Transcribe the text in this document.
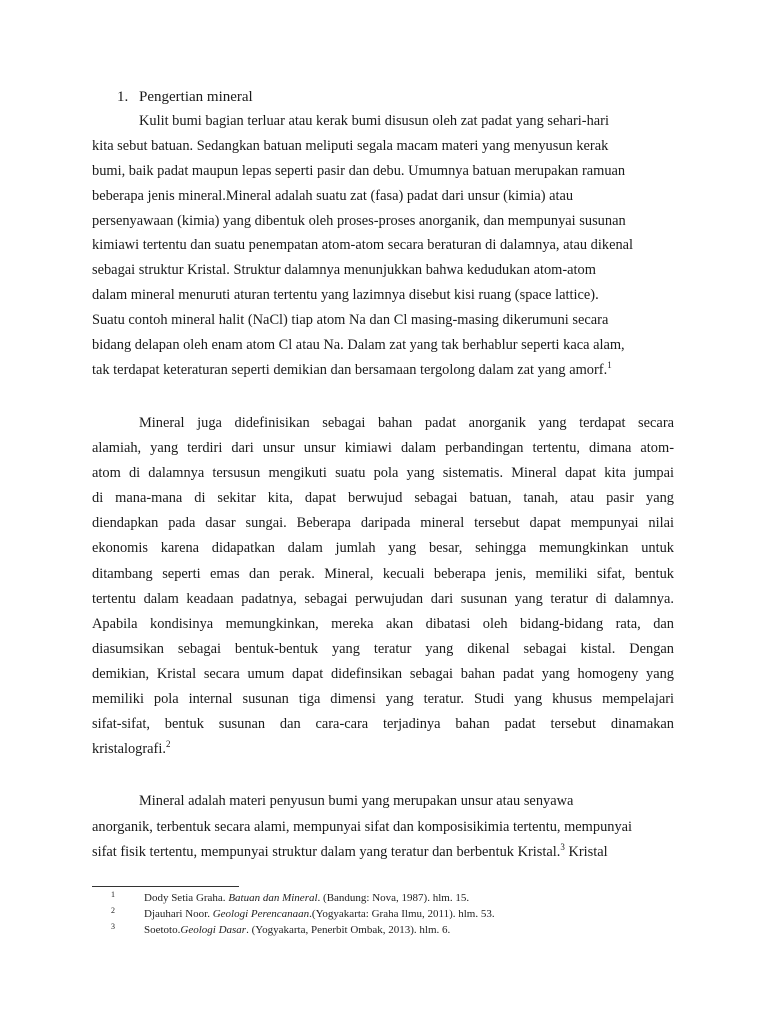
1. Pengertian mineral
Kulit bumi bagian terluar atau kerak bumi disusun oleh zat padat yang sehari-hari
kita sebut batuan. Sedangkan batuan meliputi segala macam materi yang menyusun kerak
bumi, baik padat maupun lepas seperti pasir dan debu. Umumnya batuan merupakan ramuan
beberapa jenis mineral.Mineral adalah suatu zat (fasa) padat dari unsur (kimia) atau
persenyawaan (kimia) yang dibentuk oleh proses-proses anorganik, dan mempunyai susunan
kimiawi tertentu dan suatu penempatan atom-atom secara beraturan di dalamnya, atau dikenal
sebagai struktur Kristal. Struktur dalamnya menunjukkan bahwa kedudukan atom-atom
dalam mineral menuruti aturan tertentu yang lazimnya disebut kisi ruang (space lattice).
Suatu contoh mineral halit (NaCl) tiap atom Na dan Cl masing-masing dikerumuni secara
bidang delapan oleh enam atom Cl atau Na. Dalam zat yang tak berhablur seperti kaca alam,
tak terdapat keteraturan seperti demikian dan bersamaan tergolong dalam zat yang amorf.$^1$
Mineral juga didefinisikan sebagai bahan padat anorganik yang terdapat secara
alamiah, yang terdiri dari unsur unsur kimiawi dalam perbandingan tertentu, dimana atom-
atom di dalamnya tersusun mengikuti suatu pola yang sistematis. Mineral dapat kita jumpai
di mana-mana di sekitar kita, dapat berwujud sebagai batuan, tanah, atau pasir yang
diendapkan pada dasar sungai. Beberapa daripada mineral tersebut dapat mempunyai nilai
ekonomis karena didapatkan dalam jumlah yang besar, sehingga memungkinkan untuk
ditambang seperti emas dan perak. Mineral, kecuali beberapa jenis, memiliki sifat, bentuk
tertentu dalam keadaan padatnya, sebagai perwujudan dari susunan yang teratur di dalamnya.
Apabila kondisinya memungkinkan, mereka akan dibatasi oleh bidang-bidang rata, dan
diasumsikan sebagai bentuk-bentuk yang teratur yang dikenal sebagai kistal. Dengan
demikian, Kristal secara umum dapat didefinsikan sebagai bahan padat yang homogeny yang
memiliki pola internal susunan tiga dimensi yang teratur. Studi yang khusus mempelajari
sifat-sifat, bentuk susunan dan cara-cara terjadinya bahan padat tersebut dinamakan
kristalografi.$^2$
Mineral adalah materi penyusun bumi yang merupakan unsur atau senyawa
anorganik, terbentuk secara alami, mempunyai sifat dan komposisikimia tertentu, mempunyai
sifat fisik tertentu, mempunyai struktur dalam yang teratur dan berbentuk Kristal.$^3$ Kristal
1	Dody Setia Graha. Batuan dan Mineral. (Bandung: Nova, 1987). hlm. 15.
2	Djauhari Noor. Geologi Perencanaan.(Yogyakarta: Graha Ilmu, 2011). hlm. 53.
3	Soetoto.Geologi Dasar. (Yogyakarta, Penerbit Ombak, 2013). hlm. 6.
